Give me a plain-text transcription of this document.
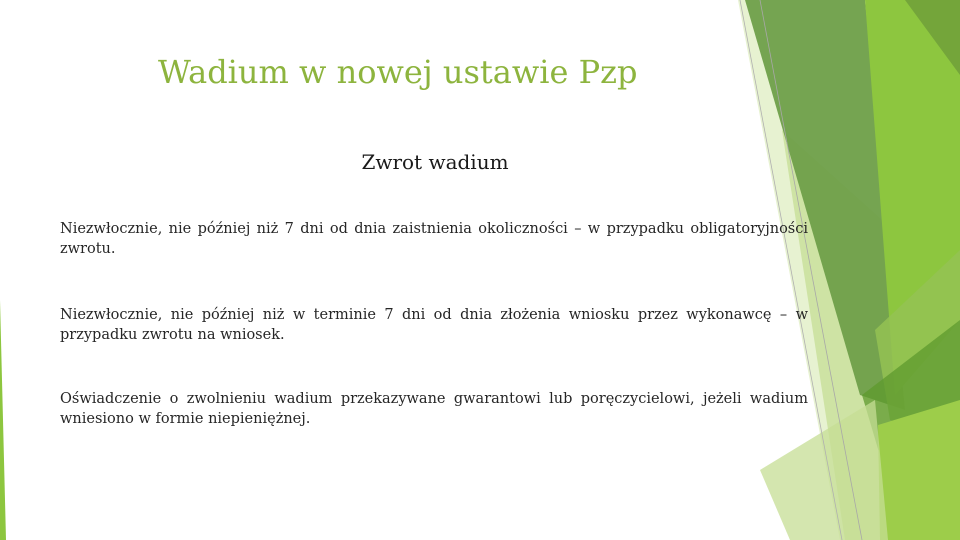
Wadium w nowej ustawie Pzp
Zwrot wadium

Niezwłocznie, nie później niż 7 dni od dnia zaistnienia okoliczności – w przypadku obligatoryjności zwrotu.

Niezwłocznie, nie później niż w terminie 7 dni od dnia złożenia wniosku przez wykonawcę – w przypadku zwrotu na wniosek.

Oświadczenie o zwolnieniu wadium przekazywane gwarantowi lub poręczycielowi, jeżeli wadium wniesiono w formie niepieniężnej.
